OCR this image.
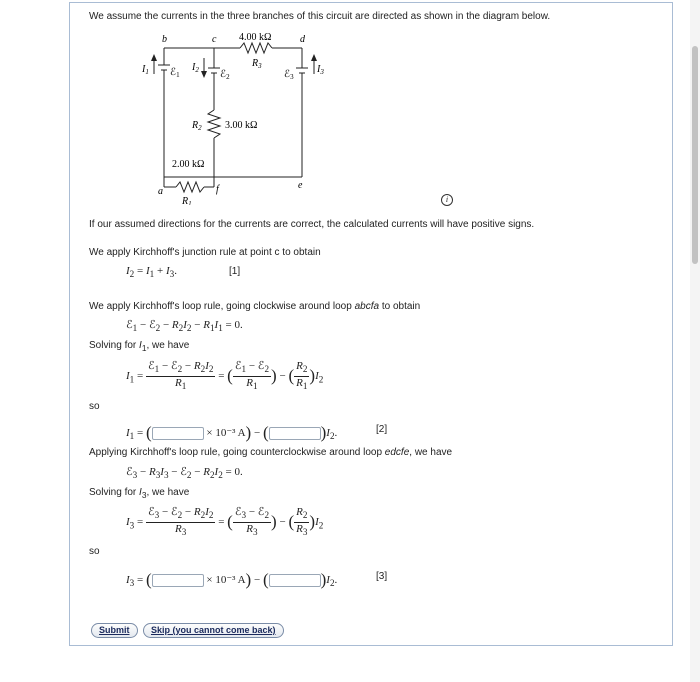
We assume the currents in the three branches of this circuit are directed as shown in the diagram below.
b	c	d
a	f	e
4.00 kΩ
$R_3$
$R_2$ 3.00 kΩ
2.00 kΩ
$R_1$
$I_1$	$I_2$	$I_3$
ℰ$_1$	ℰ$_2$	ℰ$_3$
i
If our assumed directions for the currents are correct, the calculated currents will have positive signs.
We apply Kirchhoff's junction rule at point c to obtain
$I_2 = I_1 + I_3$.	[1]
We apply Kirchhoff's loop rule, going clockwise around loop abcfa to obtain
ℰ$_1$ − ℰ$_2$ − $R_2I_2 - R_1I_1 = 0$.
Solving for $I_1$, we have
$I_1 = \frac{ℰ_1 - ℰ_2 - R_2I_2}{R_1}$ = ( $\frac{ℰ_1 - ℰ_2}{R_1}$ ) − ( $\frac{R_2}{R_1} )I_2$
so
$I_1$ = (	× 10⁻³ A) − (	)$I_2$.	[2]
Applying Kirchhoff's loop rule, going counterclockwise around loop edcfe, we have
ℰ$_3$ − $R_3I_3$ − ℰ$_2$ − $R_2I_2 = 0$.
Solving for $I_3$, we have
$I_3 = \frac{ℰ_3 - ℰ_2 - R_2I_2}{R_3}$ = ( $\frac{ℰ_3 - ℰ_2}{R_3}$ ) − ( $\frac{R_2}{R_3} )I_2$
so
$I_3$ = (	× 10⁻³ A) − (	)$I_2$.	[3]
Submit	Skip (you cannot come back)
